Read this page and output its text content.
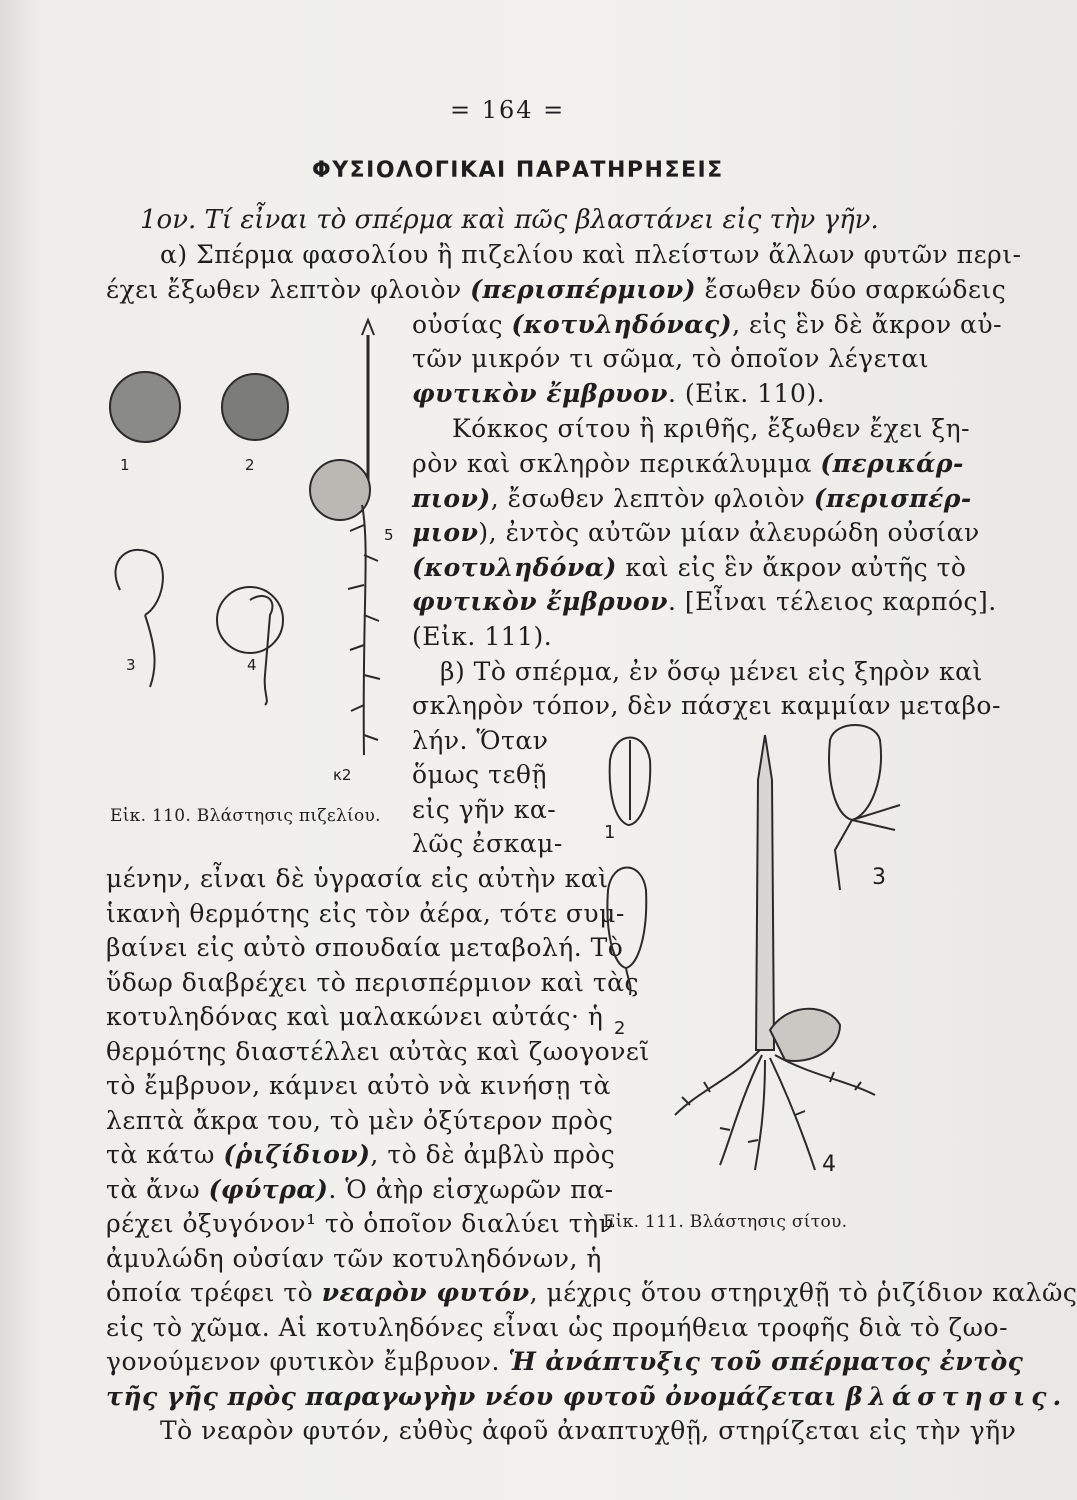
= 164 =
ΦΥΣΙΟΛΟΓΙΚΑΙ ΠΑΡΑΤΗΡΗΣΕΙΣ
1ον. Τί εἶναι τὸ σπέρμα καὶ πῶς βλαστάνει εἰς τὴν γῆν.
α) Σπέρμα φασολίου ἢ πιζελίου καὶ πλείστων ἄλλων φυτῶν περι-
έχει ἔξωθεν λεπτὸν φλοιὸν (περισπέρμιον) ἔσωθεν δύο σαρκώδεις
οὐσίας (κοτυληδόνας), εἰς ἓν δὲ ἄκρον αὐ-
τῶν μικρόν τι σῶμα, τὸ ὁποῖον λέγεται
φυτικὸν ἔμβρυον. (Εἰκ. 110).
Κόκκος σίτου ἢ κριθῆς, ἔξωθεν ἔχει ξη-
ρὸν καὶ σκληρὸν περικάλυμμα (περικάρ-
πιον), ἔσωθεν λεπτὸν φλοιὸν (περισπέρ-
μιον), ἐντὸς αὐτῶν μίαν ἀλευρώδη οὐσίαν
(κοτυληδόνα) καὶ εἰς ἓν ἄκρον αὐτῆς τὸ
φυτικὸν ἔμβρυον. [Εἶναι τέλειος καρπός].
(Εἰκ. 111).
β) Τὸ σπέρμα, ἐν ὅσῳ μένει εἰς ξηρὸν καὶ
σκληρὸν τόπον, δὲν πάσχει καμμίαν μεταβο-
λήν. Ὅταν
ὅμως τεθῇ
εἰς γῆν κα-
λῶς ἐσκαμ-
Εἰκ. 110. Βλάστησις πιζελίου.
μένην, εἶναι δὲ ὑγρασία εἰς αὐτὴν καὶ
ἱκανὴ θερμότης εἰς τὸν ἀέρα, τότε συμ-
βαίνει εἰς αὐτὸ σπουδαία μεταβολή. Τὸ
ὕδωρ διαβρέχει τὸ περισπέρμιον καὶ τὰς
κοτυληδόνας καὶ μαλακώνει αὐτάς· ἡ
θερμότης διαστέλλει αὐτὰς καὶ ζωογονεῖ
τὸ ἔμβρυον, κάμνει αὐτὸ νὰ κινήσῃ τὰ
λεπτὰ ἄκρα του, τὸ μὲν ὀξύτερον πρὸς
τὰ κάτω (ῥιζίδιον), τὸ δὲ ἀμβλὺ πρὸς
τὰ ἄνω (φύτρα). Ὁ ἀὴρ εἰσχωρῶν πα-
ρέχει ὀξυγόνον¹ τὸ ὁποῖον διαλύει τὴν
ἀμυλώδη οὐσίαν τῶν κοτυληδόνων, ἡ
Εἰκ. 111. Βλάστησις σίτου.
ὁποία τρέφει τὸ νεαρὸν φυτόν, μέχρις ὅτου στηριχθῇ τὸ ῥιζίδιον καλῶς
εἰς τὸ χῶμα. Αἱ κοτυληδόνες εἶναι ὡς προμήθεια τροφῆς διὰ τὸ ζωο-
γονούμενον φυτικὸν ἔμβρυον. Ἡ ἀνάπτυξις τοῦ σπέρματος ἐντὸς
τῆς γῆς πρὸς παραγωγὴν νέου φυτοῦ ὀνομάζεται βλάστησις.
Τὸ νεαρὸν φυτόν, εὐθὺς ἀφοῦ ἀναπτυχθῇ, στηρίζεται εἰς τὴν γῆν
1	2
3	4
5
κ2
1
2
3
4
